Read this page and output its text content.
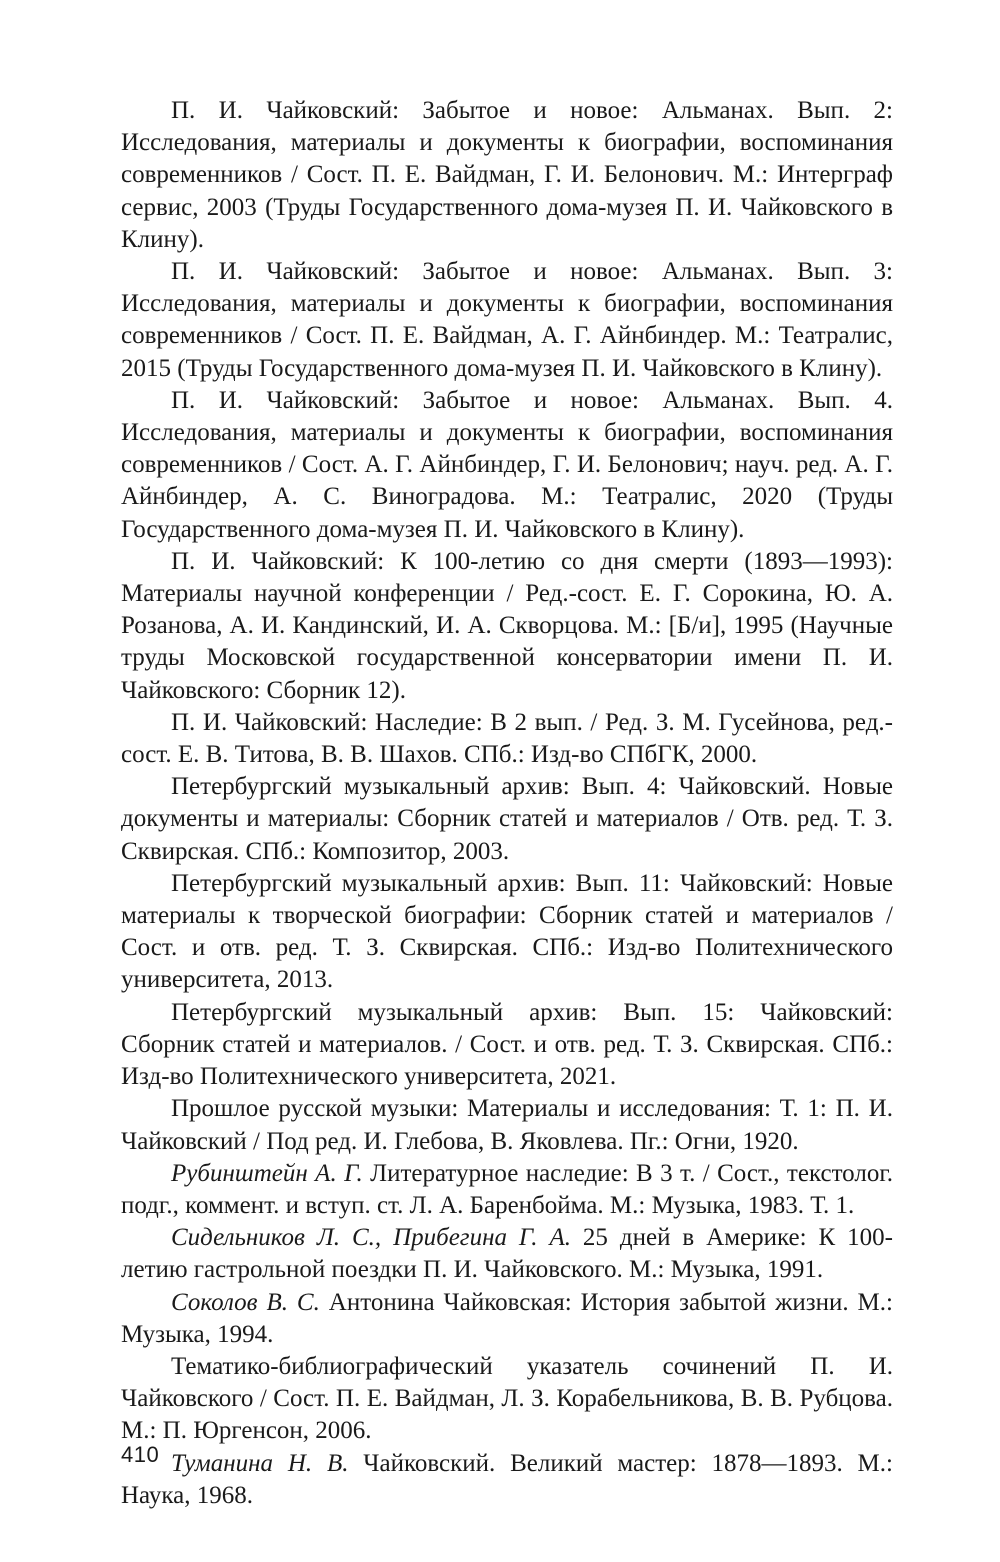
П. И. Чайковский: Забытое и новое: Альманах. Вып. 2: Исследования, материалы и документы к биографии, воспоминания современников / Сост. П. Е. Вайдман, Г. И. Белонович. М.: Интерграф сервис, 2003 (Труды Государственного дома-музея П. И. Чайковского в Клину).

П. И. Чайковский: Забытое и новое: Альманах. Вып. 3: Исследования, материалы и документы к биографии, воспоминания современников / Сост. П. Е. Вайдман, А. Г. Айнбиндер. М.: Театралис, 2015 (Труды Государственного дома-музея П. И. Чайковского в Клину).

П. И. Чайковский: Забытое и новое: Альманах. Вып. 4. Исследования, материалы и документы к биографии, воспоминания современников / Сост. А. Г. Айнбиндер, Г. И. Белонович; науч. ред. А. Г. Айнбиндер, А. С. Виноградова. М.: Театралис, 2020 (Труды Государственного дома-музея П. И. Чайковского в Клину).

П. И. Чайковский: К 100-летию со дня смерти (1893—1993): Материалы научной конференции / Ред.-сост. Е. Г. Сорокина, Ю. А. Розанова, А. И. Кандинский, И. А. Скворцова. М.: [Б/и], 1995 (Научные труды Московской государственной консерватории имени П. И. Чайковского: Сборник 12).

П. И. Чайковский: Наследие: В 2 вып. / Ред. З. М. Гусейнова, ред.-сост. Е. В. Титова, В. В. Шахов. СПб.: Изд-во СПбГК, 2000.

Петербургский музыкальный архив: Вып. 4: Чайковский. Новые документы и материалы: Сборник статей и материалов / Отв. ред. Т. З. Сквирская. СПб.: Композитор, 2003.

Петербургский музыкальный архив: Вып. 11: Чайковский: Новые материалы к творческой биографии: Сборник статей и материалов / Сост. и отв. ред. Т. З. Сквирская. СПб.: Изд-во Политехнического университета, 2013.

Петербургский музыкальный архив: Вып. 15: Чайковский: Сборник статей и материалов. / Сост. и отв. ред. Т. З. Сквирская. СПб.: Изд-во Политехнического университета, 2021.

Прошлое русской музыки: Материалы и исследования: Т. 1: П. И. Чайковский / Под ред. И. Глебова, В. Яковлева. Пг.: Огни, 1920.

Рубинштейн А. Г. Литературное наследие: В 3 т. / Сост., текстолог. подг., коммент. и вступ. ст. Л. А. Баренбойма. М.: Музыка, 1983. Т. 1.

Сидельников Л. С., Прибегина Г. А. 25 дней в Америке: К 100-летию гастрольной поездки П. И. Чайковского. М.: Музыка, 1991.

Соколов В. С. Антонина Чайковская: История забытой жизни. М.: Музыка, 1994.

Тематико-библиографический указатель сочинений П. И. Чайковского / Сост. П. Е. Вайдман, Л. З. Корабельникова, В. В. Рубцова. М.: П. Юргенсон, 2006.

Туманина Н. В. Чайковский. Великий мастер: 1878—1893. М.: Наука, 1968.

410
